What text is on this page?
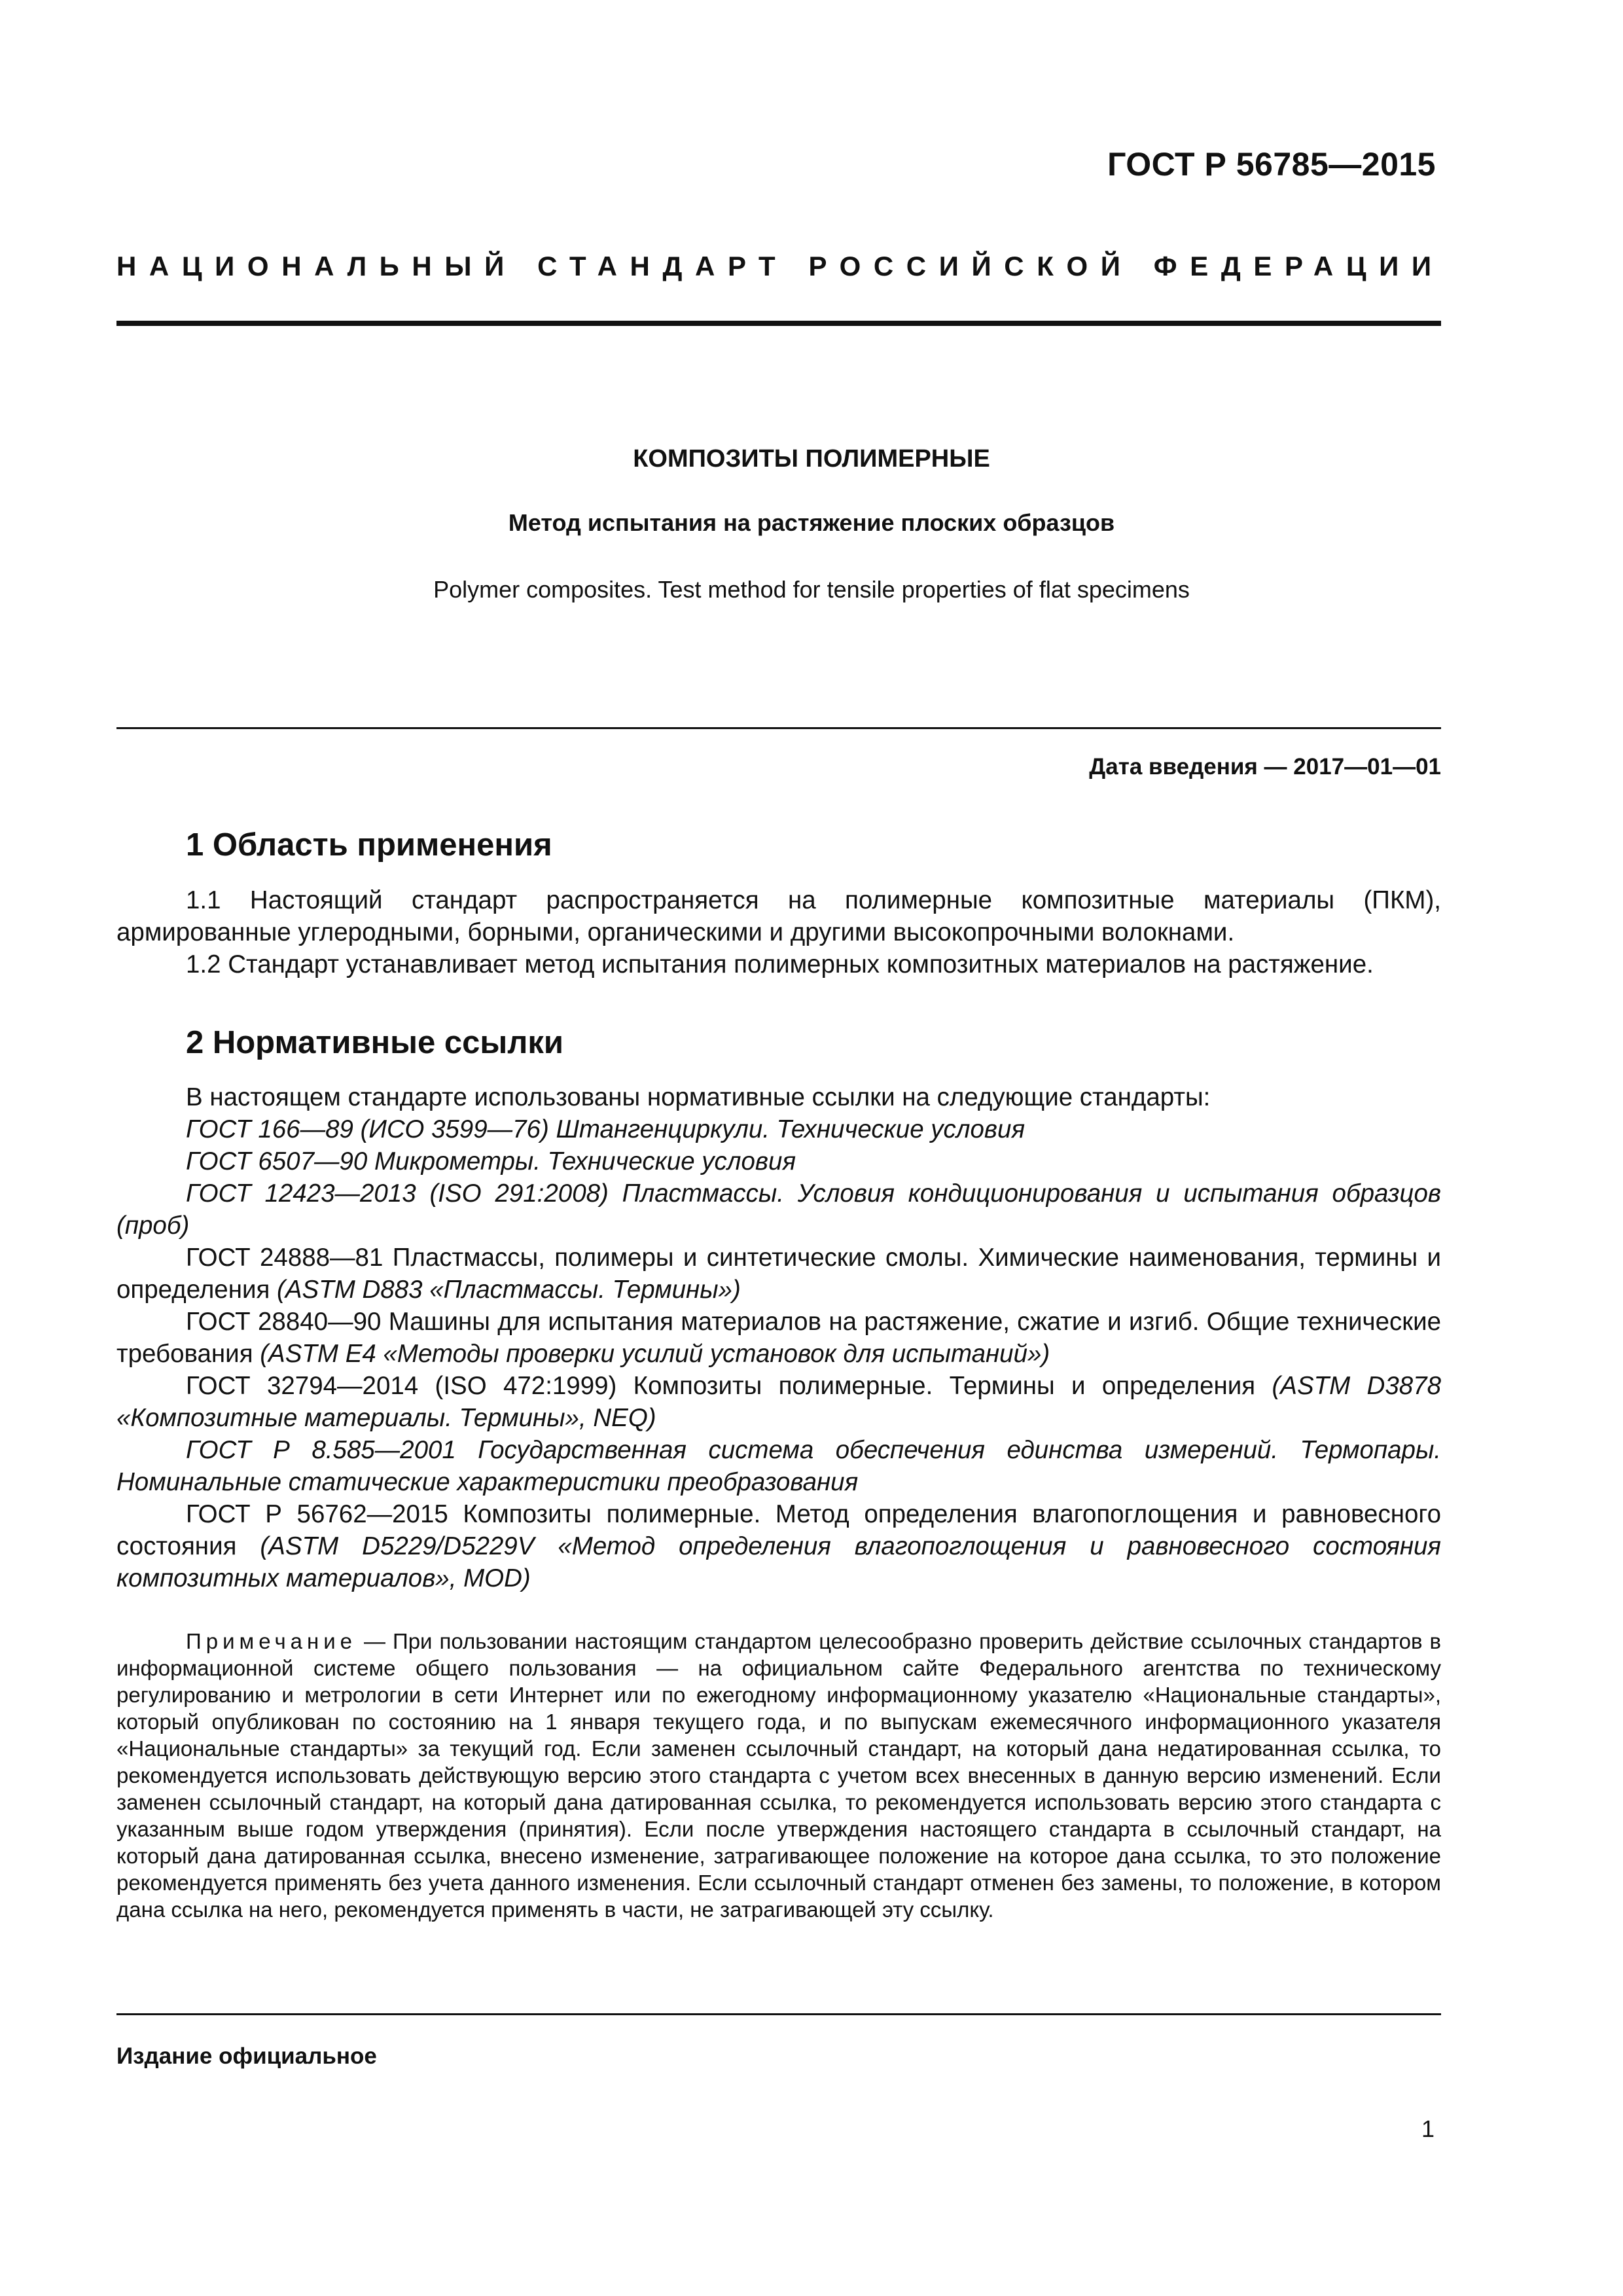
ГОСТ Р 56785—2015
НАЦИОНАЛЬНЫЙ СТАНДАРТ РОССИЙСКОЙ ФЕДЕРАЦИИ
КОМПОЗИТЫ ПОЛИМЕРНЫЕ
Метод испытания на растяжение плоских образцов
Polymer composites. Test method for tensile properties of flat specimens
Дата введения — 2017—01—01
1 Область применения

1.1 Настоящий стандарт распространяется на полимерные композитные материалы (ПКМ), армированные углеродными, борными, органическими и другими высокопрочными волокнами.

1.2 Стандарт устанавливает метод испытания полимерных композитных материалов на растяжение.

2 Нормативные ссылки

В настоящем стандарте использованы нормативные ссылки на следующие стандарты:

ГОСТ 166—89 (ИСО 3599—76) Штангенциркули. Технические условия

ГОСТ 6507—90 Микрометры. Технические условия

ГОСТ 12423—2013 (ISO 291:2008) Пластмассы. Условия кондиционирования и испытания образцов (проб)

ГОСТ 24888—81 Пластмассы, полимеры и синтетические смолы. Химические наименования, термины и определения (ASTM D883 «Пластмассы. Термины»)

ГОСТ 28840—90 Машины для испытания материалов на растяжение, сжатие и изгиб. Общие технические требования (ASTM E4 «Методы проверки усилий установок для испытаний»)

ГОСТ 32794—2014 (ISO 472:1999) Композиты полимерные. Термины и определения (ASTM D3878 «Композитные материалы. Термины», NEQ)

ГОСТ Р 8.585—2001 Государственная система обеспечения единства измерений. Термопары. Номинальные статические характеристики преобразования

ГОСТ Р 56762—2015 Композиты полимерные. Метод определения влагопоглощения и равновесного состояния (ASTM D5229/D5229V «Метод определения влагопоглощения и равновесного состояния композитных материалов», MOD)

Примечание — При пользовании настоящим стандартом целесообразно проверить действие ссылочных стандартов в информационной системе общего пользования — на официальном сайте Федерального агентства по техническому регулированию и метрологии в сети Интернет или по ежегодному информационному указателю «Национальные стандарты», который опубликован по состоянию на 1 января текущего года, и по выпускам ежемесячного информационного указателя «Национальные стандарты» за текущий год. Если заменен ссылочный стандарт, на который дана недатированная ссылка, то рекомендуется использовать действующую версию этого стандарта с учетом всех внесенных в данную версию изменений. Если заменен ссылочный стандарт, на который дана датированная ссылка, то рекомендуется использовать версию этого стандарта с указанным выше годом утверждения (принятия). Если после утверждения настоящего стандарта в ссылочный стандарт, на который дана датированная ссылка, внесено изменение, затрагивающее положение на которое дана ссылка, то это положение рекомендуется применять без учета данного изменения. Если ссылочный стандарт отменен без замены, то положение, в котором дана ссылка на него, рекомендуется применять в части, не затрагивающей эту ссылку.

Издание официальное
1
